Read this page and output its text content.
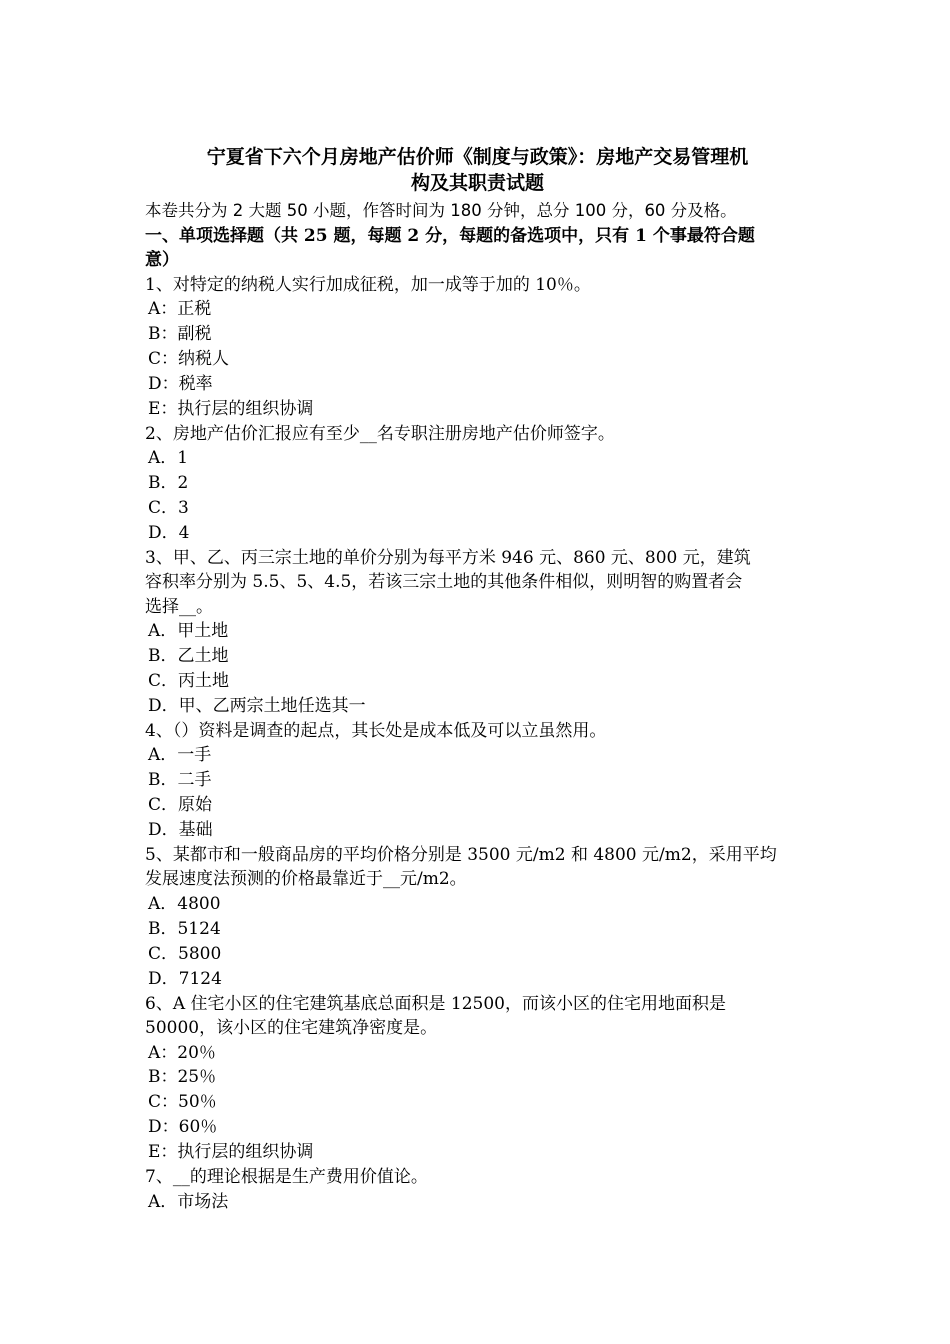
宁夏省下六个月房地产估价师《制度与政策》：房地产交易管理机
构及其职责试题

本卷共分为 2 大题 50 小题，作答时间为 180 分钟，总分 100 分，60 分及格。

一、单项选择题（共 25 题，每题 2 分，每题的备选项中，只有 1 个事最符合题
意）

1、对特定的纳税人实行加成征税，加一成等于加的 10％。

A：正税

B：副税

C：纳税人

D：税率

E：执行层的组织协调

2、房地产估价汇报应有至少__名专职注册房地产估价师签字。

A．1

B．2

C．3

D．4

3、甲、乙、丙三宗土地的单价分别为每平方米 946 元、860 元、800 元，建筑
容积率分别为 5.5、5、4.5，若该三宗土地的其他条件相似，则明智的购置者会
选择__。

A．甲土地

B．乙土地

C．丙土地

D．甲、乙两宗土地任选其一

4、（）资料是调查的起点，其长处是成本低及可以立虽然用。

A．一手

B．二手

C．原始

D．基础

5、某都市和一般商品房的平均价格分别是 3500 元/m2 和 4800 元/m2，采用平均
发展速度法预测的价格最靠近于__元/m2。

A．4800

B．5124

C．5800

D．7124

6、A 住宅小区的住宅建筑基底总面积是 12500，而该小区的住宅用地面积是
50000，该小区的住宅建筑净密度是。

A：20％

B：25％

C：50％

D：60％

E：执行层的组织协调

7、__的理论根据是生产费用价值论。

A．市场法
